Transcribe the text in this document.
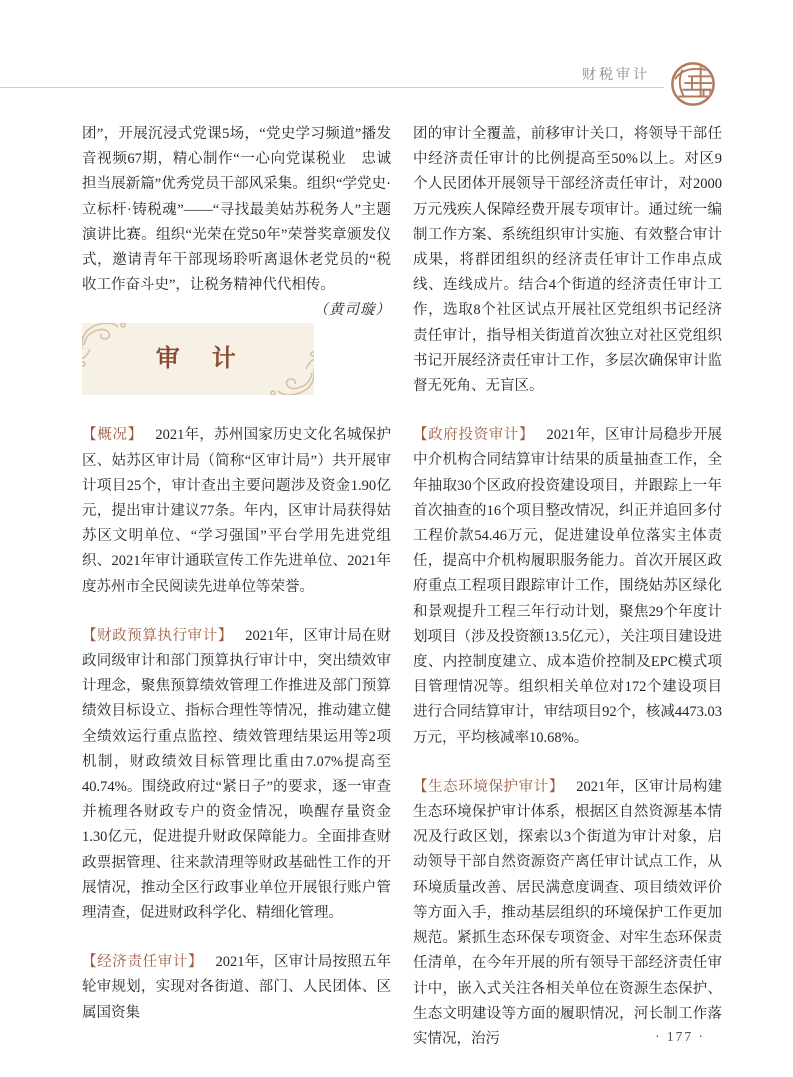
财税审计

团”，开展沉浸式党课5场，“党史学习频道”播发音视频67期，精心制作“一心向党谋税业　忠诚担当展新篇”优秀党员干部风采集。组织“学党史·立标杆·铸税魂”——“寻找最美姑苏税务人”主题演讲比赛。组织“光荣在党50年”荣誉奖章颁发仪式，邀请青年干部现场聆听离退休老党员的“税收工作奋斗史”，让税务精神代代相传。
（黄司璇）

审　计

【概况】 2021年，苏州国家历史文化名城保护区、姑苏区审计局（简称“区审计局”）共开展审计项目25个，审计查出主要问题涉及资金1.90亿元，提出审计建议77条。年内，区审计局获得姑苏区文明单位、“学习强国”平台学用先进党组织、2021年审计通联宣传工作先进单位、2021年度苏州市全民阅读先进单位等荣誉。

【财政预算执行审计】 2021年，区审计局在财政同级审计和部门预算执行审计中，突出绩效审计理念，聚焦预算绩效管理工作推进及部门预算绩效目标设立、指标合理性等情况，推动建立健全绩效运行重点监控、绩效管理结果运用等2项机制，财政绩效目标管理比重由7.07%提高至40.74%。围绕政府过“紧日子”的要求，逐一审查并梳理各财政专户的资金情况，唤醒存量资金1.30亿元，促进提升财政保障能力。全面排查财政票据管理、往来款清理等财政基础性工作的开展情况，推动全区行政事业单位开展银行账户管理清查，促进财政科学化、精细化管理。

【经济责任审计】 2021年，区审计局按照五年轮审规划，实现对各街道、部门、人民团体、区属国资集

团的审计全覆盖，前移审计关口，将领导干部任中经济责任审计的比例提高至50%以上。对区9个人民团体开展领导干部经济责任审计，对2000万元残疾人保障经费开展专项审计。通过统一编制工作方案、系统组织审计实施、有效整合审计成果，将群团组织的经济责任审计工作串点成线、连线成片。结合4个街道的经济责任审计工作，选取8个社区试点开展社区党组织书记经济责任审计，指导相关街道首次独立对社区党组织书记开展经济责任审计工作，多层次确保审计监督无死角、无盲区。

【政府投资审计】 2021年，区审计局稳步开展中介机构合同结算审计结果的质量抽查工作，全年抽取30个区政府投资建设项目，并跟踪上一年首次抽查的16个项目整改情况，纠正并追回多付工程价款54.46万元，促进建设单位落实主体责任，提高中介机构履职服务能力。首次开展区政府重点工程项目跟踪审计工作，围绕姑苏区绿化和景观提升工程三年行动计划，聚焦29个年度计划项目（涉及投资额13.5亿元），关注项目建设进度、内控制度建立、成本造价控制及EPC模式项目管理情况等。组织相关单位对172个建设项目进行合同结算审计，审结项目92个，核减4473.03万元，平均核减率10.68%。

【生态环境保护审计】 2021年，区审计局构建生态环境保护审计体系，根据区自然资源基本情况及行政区划，探索以3个街道为审计对象，启动领导干部自然资源资产离任审计试点工作，从环境质量改善、居民满意度调查、项目绩效评价等方面入手，推动基层组织的环境保护工作更加规范。紧抓生态环保专项资金、对牢生态环保责任清单，在今年开展的所有领导干部经济责任审计中，嵌入式关注各相关单位在资源生态保护、生态文明建设等方面的履职情况，河长制工作落实情况，治污	· 177 ·
